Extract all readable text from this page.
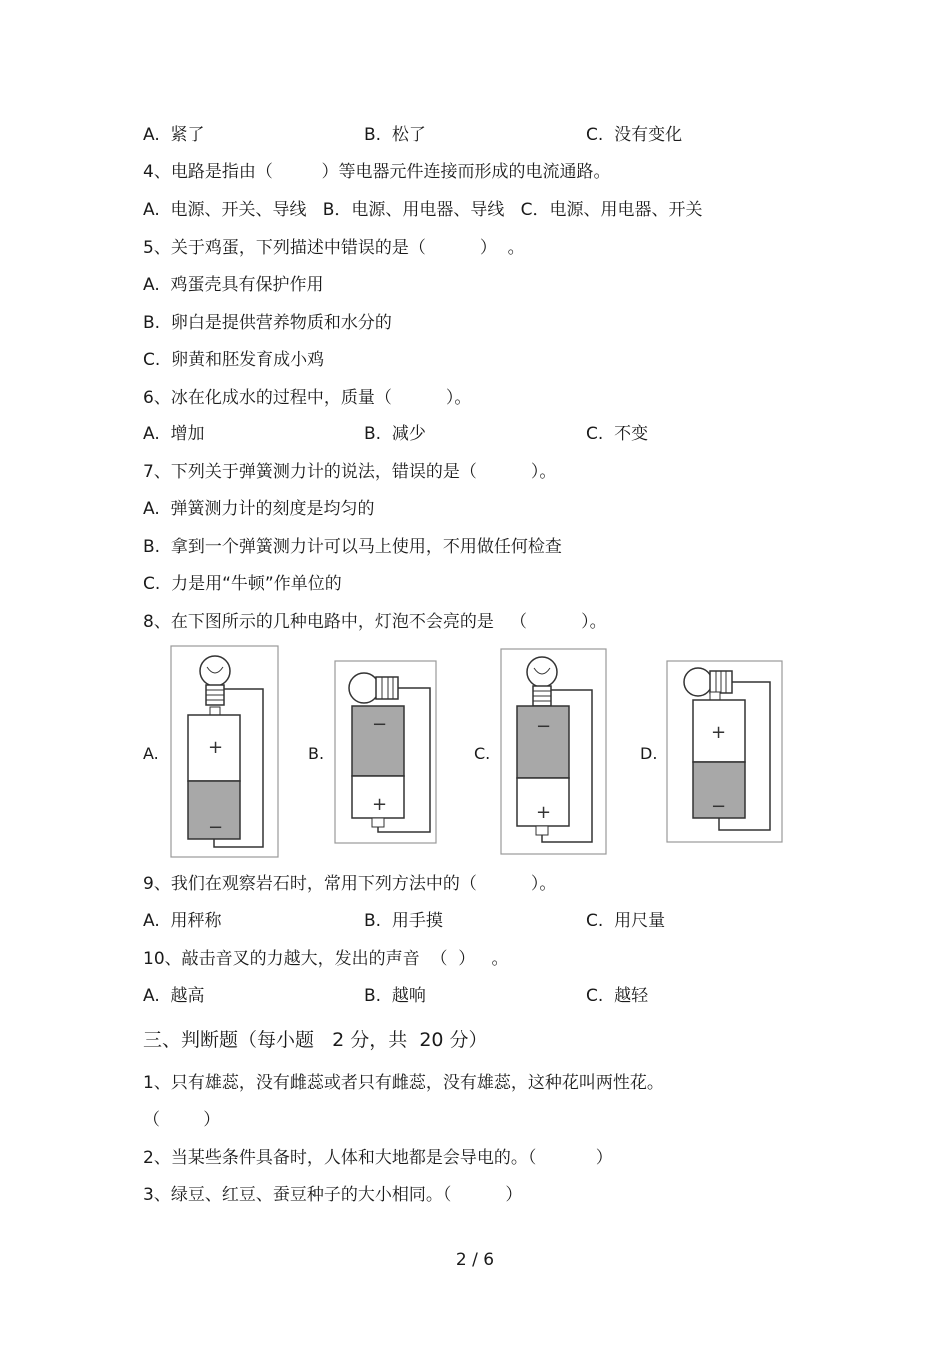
A.  紧了	B.  松了	C.  没有变化
4、电路是指由（         ）等电器元件连接而形成的电流通路。
A.  电源、开关、导线   B．电源、用电器、导线   C．电源、用电器、开关
5、关于鸡蛋，下列描述中错误的是（          ）  。
A.  鸡蛋壳具有保护作用
B.  卵白是提供营养物质和水分的
C.  卵黄和胚发育成小鸡
6、冰在化成水的过程中，质量（          ）。
A.  增加	B.  减少	C.  不变
7、下列关于弹簧测力计的说法，错误的是（          ）。
A.  弹簧测力计的刻度是均匀的
B.  拿到一个弹簧测力计可以马上使用，不用做任何检查
C.  力是用“牛顿”作单位的
8、在下图所示的几种电路中，灯泡不会亮的是   （          ）。
A.	+
−
B.
+
−
C.
+
−
D.
+
−
9、我们在观察岩石时，常用下列方法中的（          ）。
A.  用秤称	B.  用手摸	C.  用尺量
10、敲击音叉的力越大，发出的声音  （  ）   。
A.  越高	B.  越响	C.  越轻
三、判断题（每小题   2 分，共  20 分）
1、只有雄蕊，没有雌蕊或者只有雌蕊，没有雄蕊，这种花叫两性花。
（        ）
2、当某些条件具备时，人体和大地都是会导电的。（           ）
3、绿豆、红豆、蚕豆种子的大小相同。（          ）
2 / 6
